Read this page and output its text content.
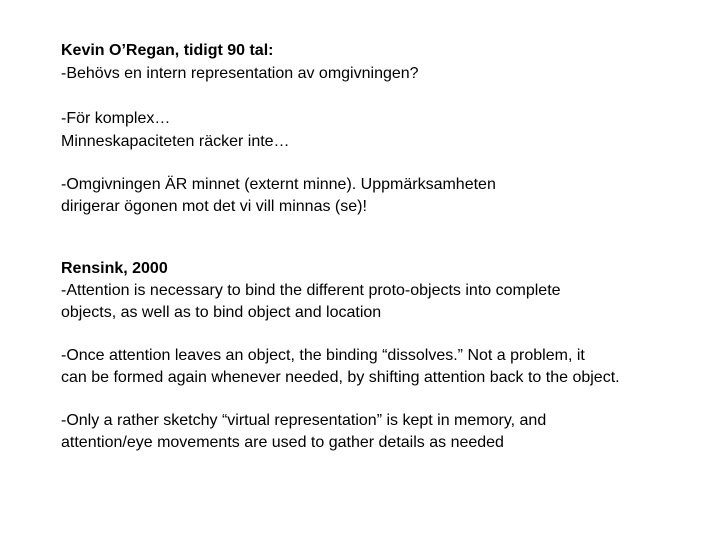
Kevin O’Regan, tidigt 90 tal:
-Behövs en intern representation av omgivningen?
-För komplex…
Minneskapaciteten räcker inte…
-Omgivningen ÄR minnet (externt minne). Uppmärksamheten
dirigerar ögonen mot det vi vill minnas (se)!
Rensink, 2000
-Attention is necessary to bind the different proto-objects into complete
objects, as well as to bind object and location
-Once attention leaves an object, the binding “dissolves.” Not a problem, it
can be formed again whenever needed, by shifting attention back to the object.
-Only a rather sketchy “virtual representation” is kept in memory, and
attention/eye movements are used to gather details as needed
